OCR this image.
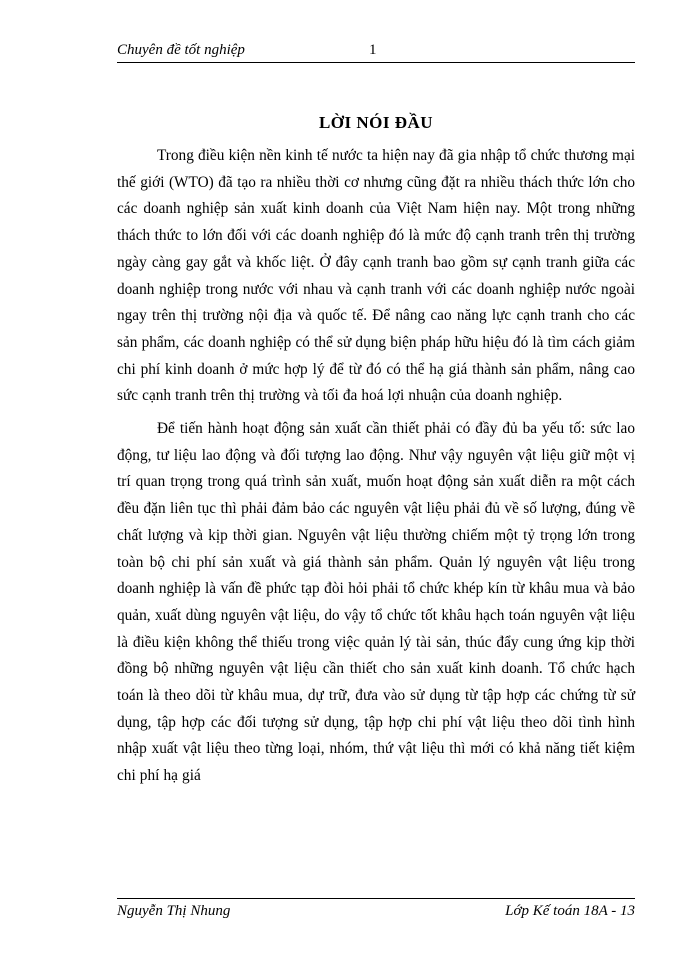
Chuyên đề tốt nghiệp	1
LỜI NÓI ĐẦU

Trong điều kiện nền kinh tế nước ta hiện nay đã gia nhập tổ chức thương mại thế giới (WTO) đã tạo ra nhiều thời cơ nhưng cũng đặt ra nhiều thách thức lớn cho các doanh nghiệp sản xuất kinh doanh của Việt Nam hiện nay. Một trong những thách thức to lớn đối với các doanh nghiệp đó là mức độ cạnh tranh trên thị trường ngày càng gay gắt và khốc liệt. Ở đây cạnh tranh bao gồm sự cạnh tranh giữa các doanh nghiệp trong nước với nhau và cạnh tranh với các doanh nghiệp nước ngoài ngay trên thị trường nội địa và quốc tế. Để nâng cao năng lực cạnh tranh cho các sản phẩm, các doanh nghiệp có thể sử dụng biện pháp hữu hiệu đó là tìm cách giảm chi phí kinh doanh ở mức hợp lý để từ đó có thể hạ giá thành sản phẩm, nâng cao sức cạnh tranh trên thị trường và tối đa hoá lợi nhuận của doanh nghiệp.

Để tiến hành hoạt động sản xuất cần thiết phải có đầy đủ ba yếu tố: sức lao động, tư liệu lao động và đối tượng lao động. Như vậy nguyên vật liệu giữ một vị trí quan trọng trong quá trình sản xuất, muốn hoạt động sản xuất diễn ra một cách đều đặn liên tục thì phải đảm bảo các nguyên vật liệu phải đủ về số lượng, đúng về chất lượng và kịp thời gian. Nguyên vật liệu thường chiếm một tỷ trọng lớn trong toàn bộ chi phí sản xuất và giá thành sản phẩm. Quản lý nguyên vật liệu trong doanh nghiệp là vấn đề phức tạp đòi hỏi phải tổ chức khép kín từ khâu mua và bảo quản, xuất dùng nguyên vật liệu, do vậy tổ chức tốt khâu hạch toán nguyên vật liệu là điều kiện không thể thiếu trong việc quản lý tài sản, thúc đẩy cung ứng kịp thời đồng bộ những nguyên vật liệu cần thiết cho sản xuất kinh doanh. Tổ chức hạch toán là theo dõi từ khâu mua, dự trữ, đưa vào sử dụng từ tập hợp các chứng từ sử dụng, tập hợp các đối tượng sử dụng, tập hợp chi phí vật liệu theo dõi tình hình nhập xuất vật liệu theo từng loại, nhóm, thứ vật liệu thì mới có khả năng tiết kiệm chi phí hạ giá

Nguyễn Thị Nhung	Lớp Kế toán 18A - 13
